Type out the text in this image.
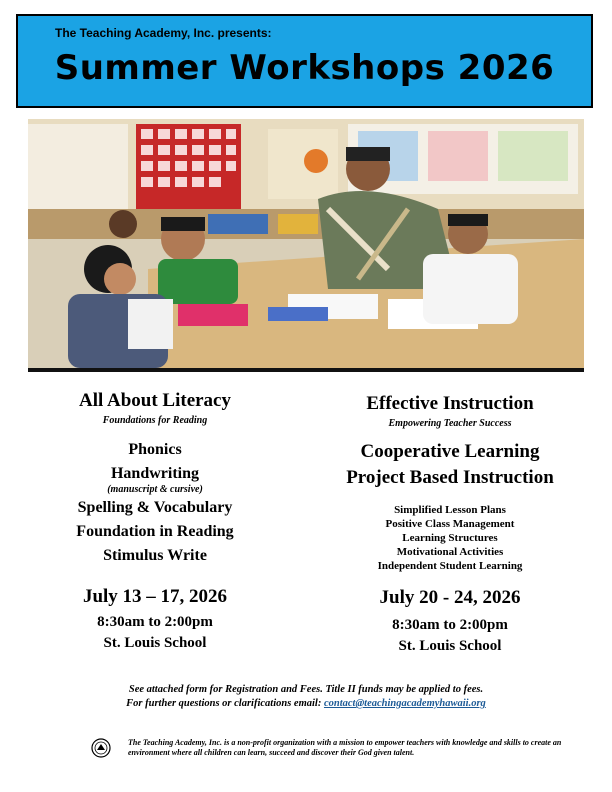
The Teaching Academy, Inc. presents:
Summer Workshops 2026
All About Literacy
Foundations for Reading
Phonics
Handwriting
(manuscript & cursive)
Spelling & Vocabulary
Foundation in Reading
Stimulus Write
July 13 – 17, 2026
8:30am to 2:00pm
St. Louis School
Effective Instruction
Empowering Teacher Success
Cooperative Learning
Project Based Instruction
Simplified Lesson Plans
Positive Class Management
Learning Structures
Motivational Activities
Independent Student Learning
July 20 - 24, 2026
8:30am to 2:00pm
St. Louis School
See attached form for Registration and Fees. Title II funds may be applied to fees.
For further questions or clarifications email: contact@teachingacademyhawaii.org
The Teaching Academy, Inc. is a non-profit organization with a mission to empower teachers with knowledge and skills to create an environment where all children can learn, succeed and discover their God given talent.
